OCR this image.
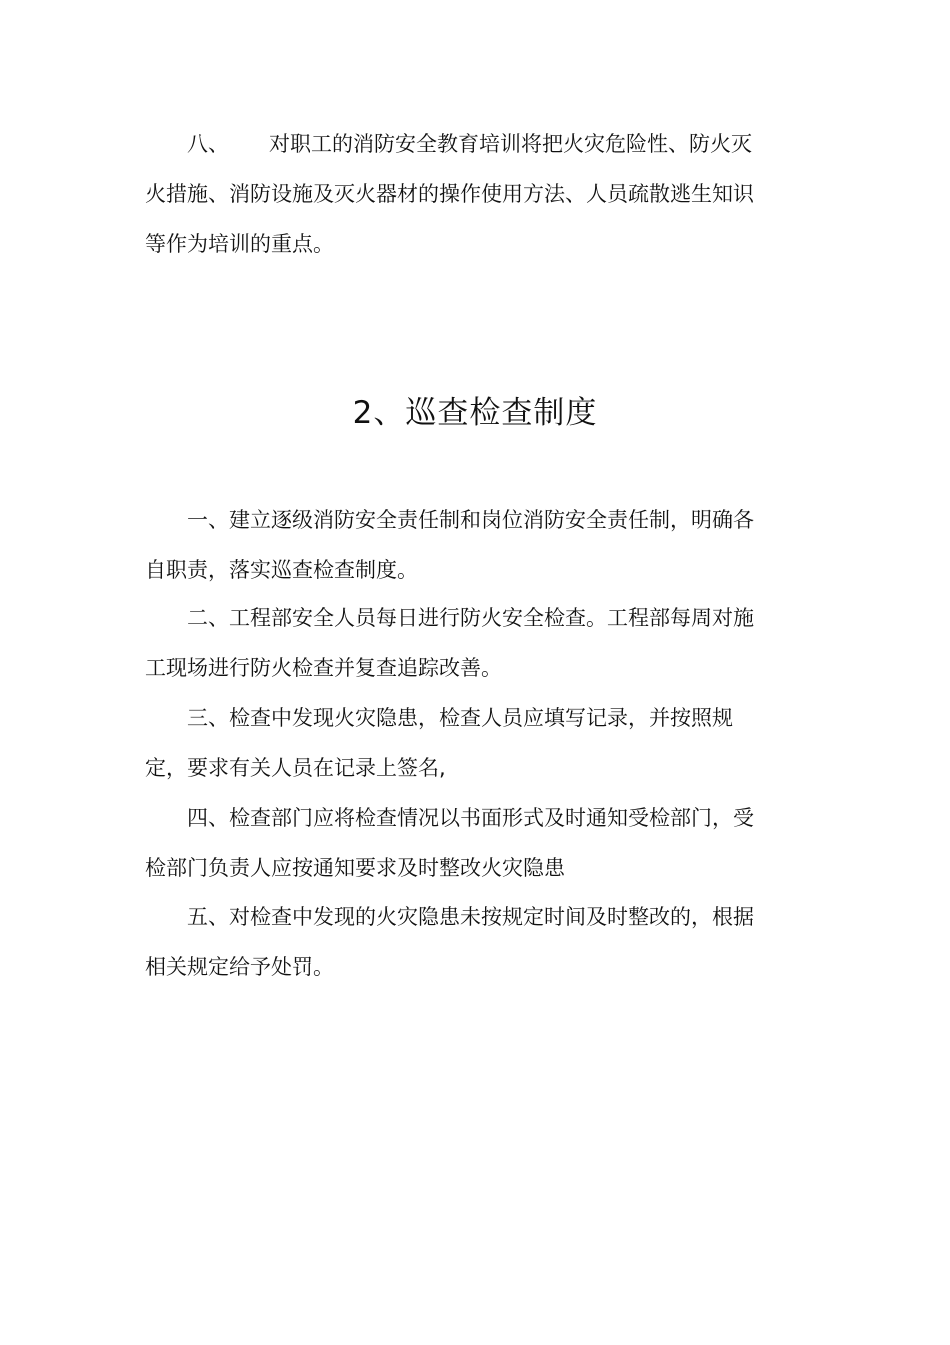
八、 对职工的消防安全教育培训将把火灾危险性、防火灭火措施、消防设施及灭火器材的操作使用方法、人员疏散逃生知识等作为培训的重点。

2、巡查检查制度

一、建立逐级消防安全责任制和岗位消防安全责任制，明确各自职责，落实巡查检查制度。

二、工程部安全人员每日进行防火安全检查。工程部每周对施工现场进行防火检查并复查追踪改善。

三、检查中发现火灾隐患，检查人员应填写记录，并按照规定，要求有关人员在记录上签名,

四、检查部门应将检查情况以书面形式及时通知受检部门，受检部门负责人应按通知要求及时整改火灾隐患

五、对检查中发现的火灾隐患未按规定时间及时整改的，根据相关规定给予处罚。
